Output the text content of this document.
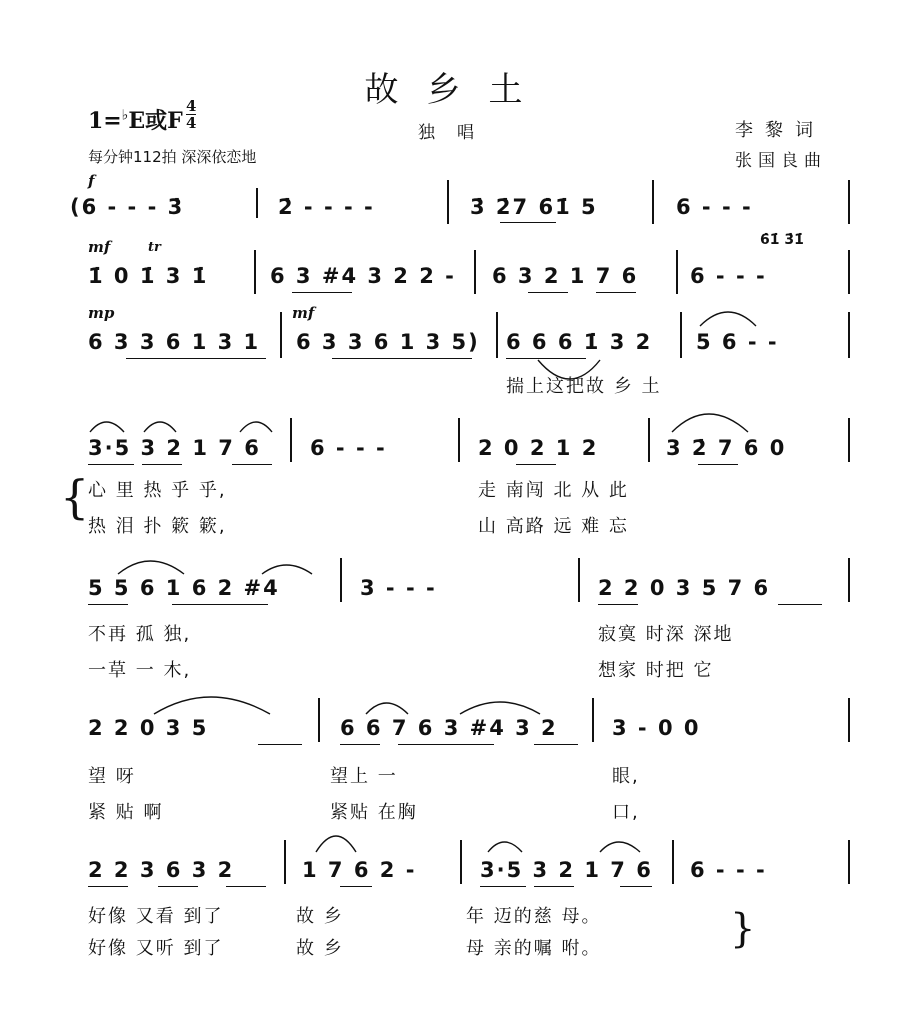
故乡土
1=♭E或F $\frac{4}{4}$
独唱	李黎词
每分钟112拍 深深依恋地	张国良曲
f
(6 - - - 3̇	2̇ - - - -	3̇ 2̇7 6̇1̇ 5	6 - - -
mf	tr	6̇1̇ 3̇1̇
1̇ 0 1̇ 3 1̇	6 3 #4 3 2 2 - 6 3 2 1 7 6 6 - - -
mp	mf
6 3 3 6 1 3 1 6 3 3 6 1 3 5) 6 6 6 1̇ 3 2 5 6 - -
揣上这把故 乡 土
3·5 3 2 1 7 6 6 - - -	2 0 2 1 2	3 2̇ 7 6 0
{
心 里 热 乎 乎,	走 南闯 北 从 此
热 泪 扑 簌 簌,	山 高路 远 难 忘
5 5 6 1 6 2 #4	3 - - -	2 2 0 3 5 7 6
不再 孤 独,	寂寞 时深 深地
一草 一 木,	想家 时把 它
2 2 0 3 5	6 6 7 6 3 #4 3 2	3 - 0 0
望 呀	望上 一	眼,
紧 贴 啊	紧贴 在胸	口,
2 2 3 6 3 2	1 7 6 2 -	3·5 3 2 1 7 6 6 - - -
好像 又看 到了	故 乡	年 迈的慈 母。
好像 又听 到了	故 乡	母 亲的嘱 咐。	}
